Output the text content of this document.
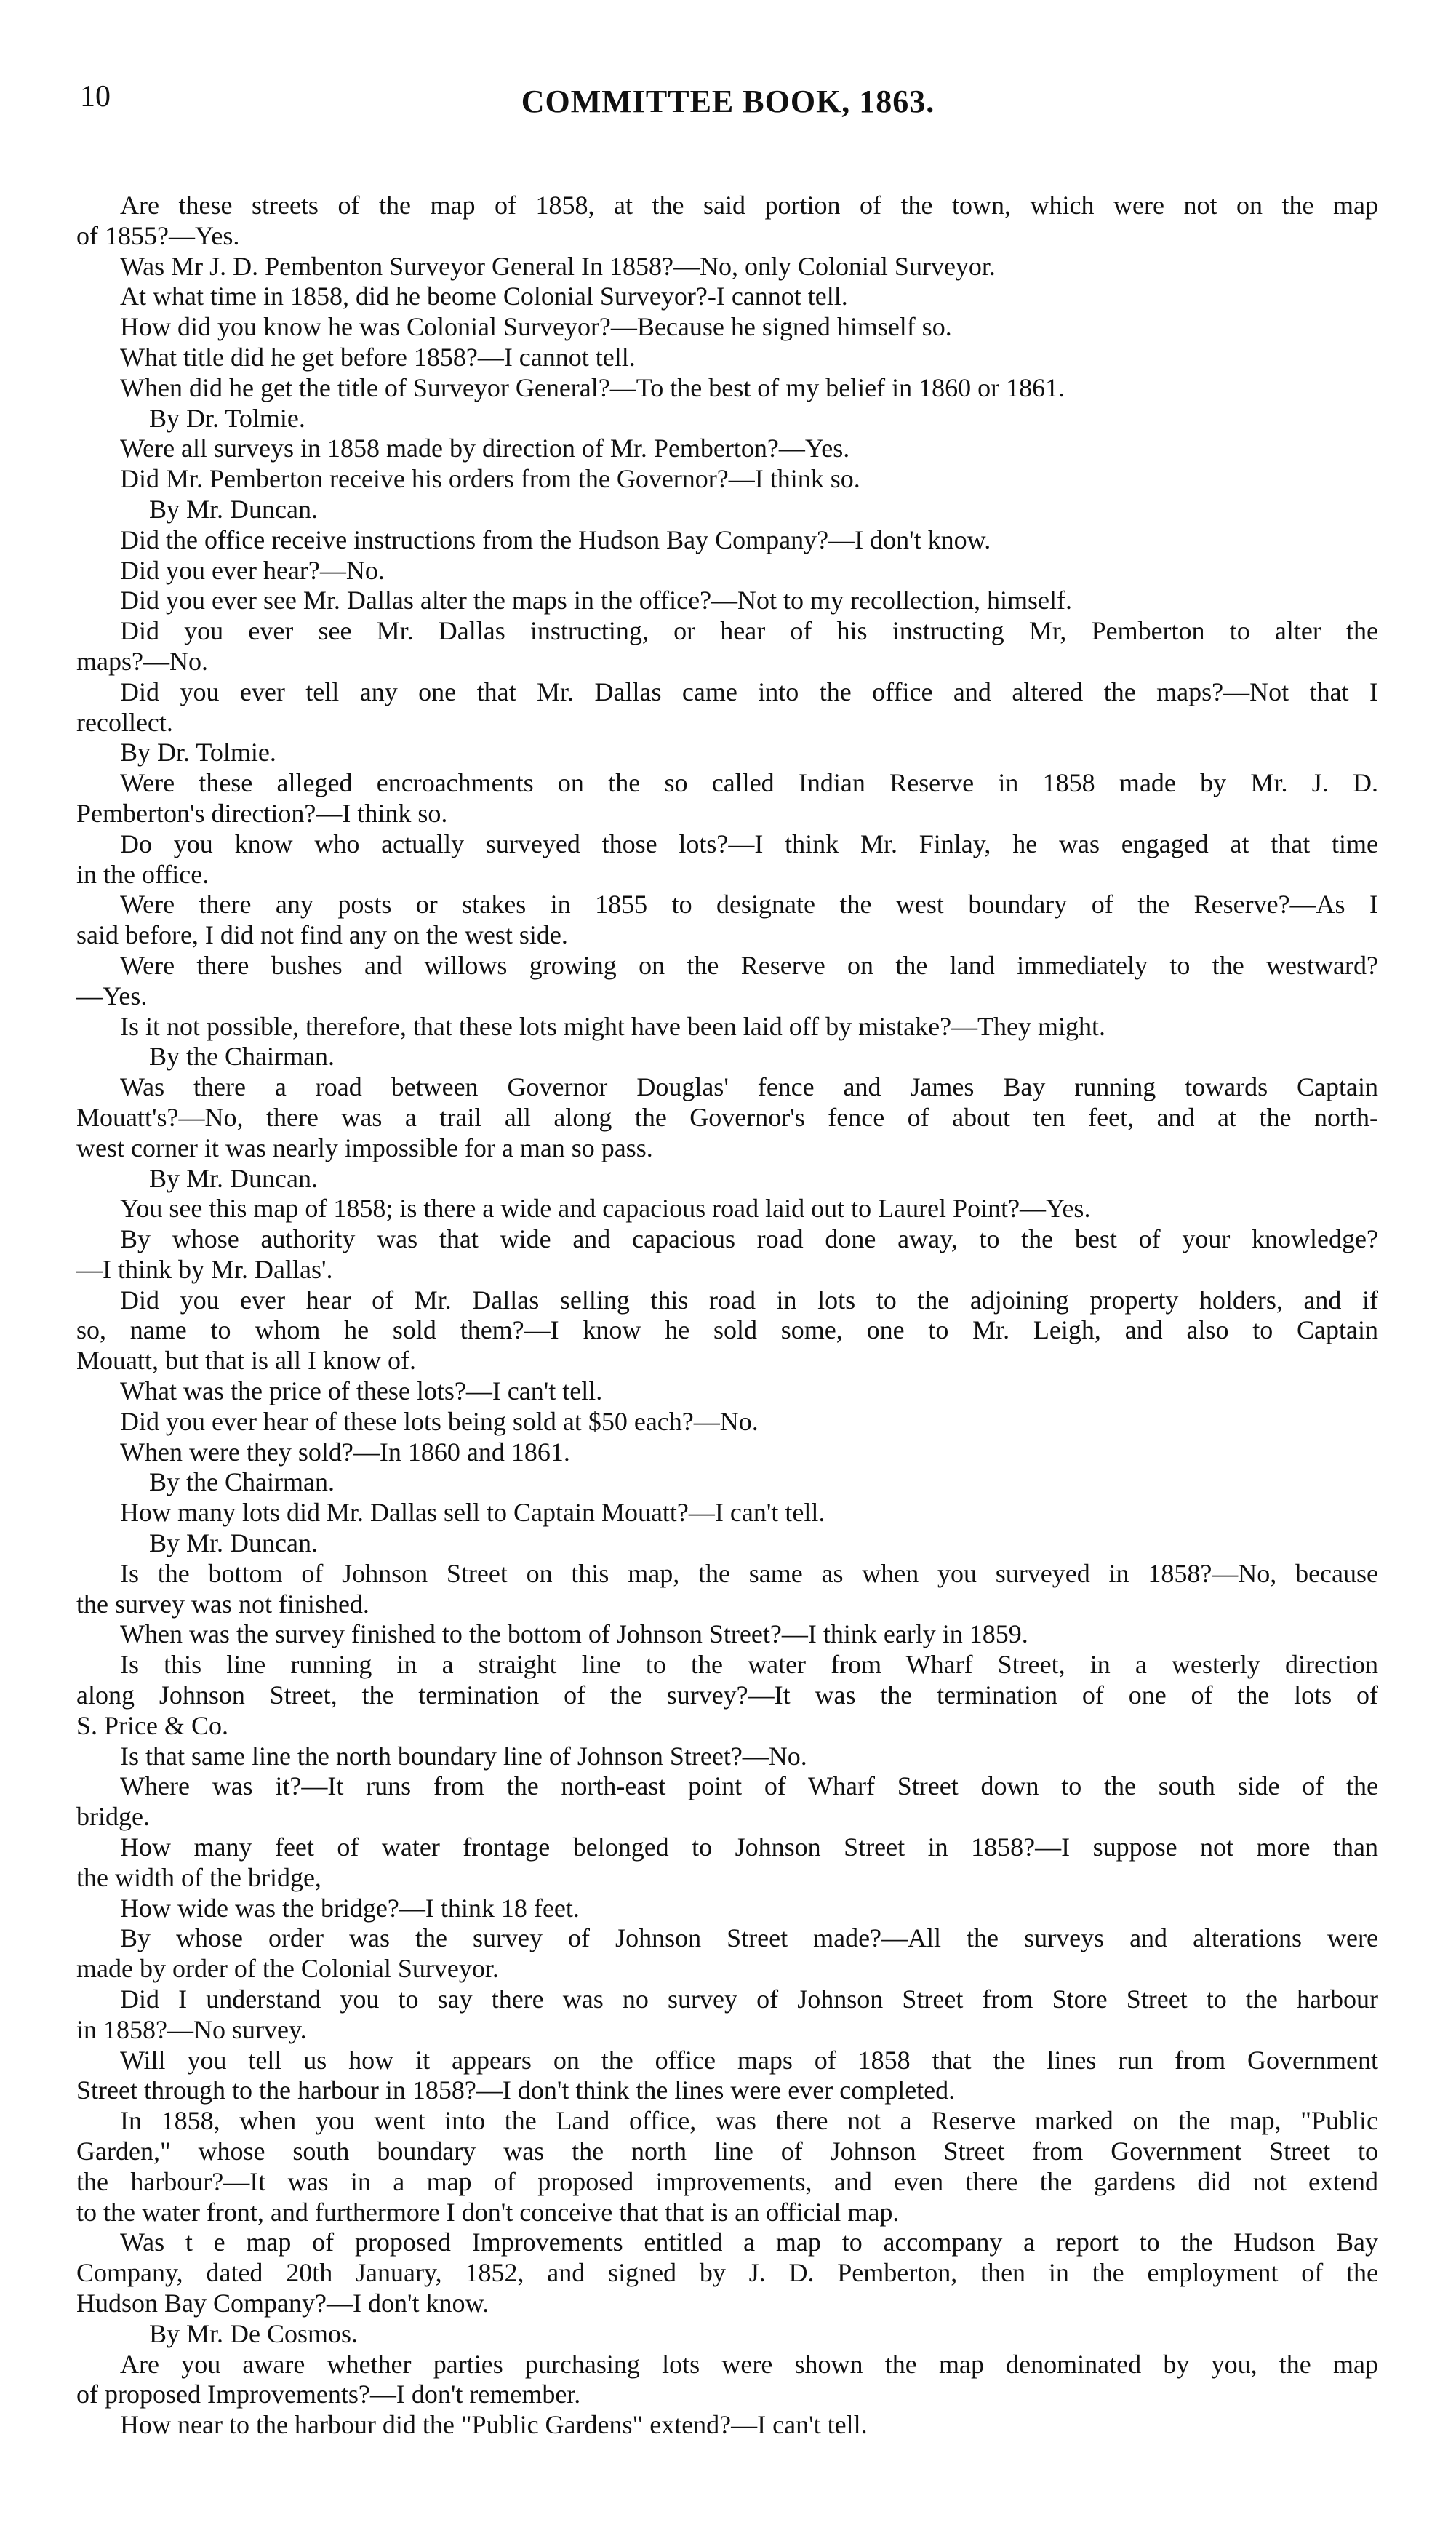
10	COMMITTEE BOOK, 1863.
Are these streets of the map of 1858, at the said portion of the town, which were not on the map
of 1855?—Yes.
Was Mr J. D. Pembenton Surveyor General In 1858?—No, only Colonial Surveyor.
At what time in 1858, did he beome Colonial Surveyor?-I cannot tell.
How did you know he was Colonial Surveyor?—Because he signed himself so.
What title did he get before 1858?—I cannot tell.
When did he get the title of Surveyor General?—To the best of my belief in 1860 or 1861.
By Dr. Tolmie.
Were all surveys in 1858 made by direction of Mr. Pemberton?—Yes.
Did Mr. Pemberton receive his orders from the Governor?—I think so.
By Mr. Duncan.
Did the office receive instructions from the Hudson Bay Company?—I don't know.
Did you ever hear?—No.
Did you ever see Mr. Dallas alter the maps in the office?—Not to my recollection, himself.
Did you ever see Mr. Dallas instructing, or hear of his instructing Mr, Pemberton to alter the
maps?—No.
Did you ever tell any one that Mr. Dallas came into the office and altered the maps?—Not that I
recollect.
By Dr. Tolmie.
Were these alleged encroachments on the so called Indian Reserve in 1858 made by Mr. J. D.
Pemberton's direction?—I think so.
Do you know who actually surveyed those lots?—I think Mr. Finlay, he was engaged at that time
in the office.
Were there any posts or stakes in 1855 to designate the west boundary of the Reserve?—As I
said before, I did not find any on the west side.
Were there bushes and willows growing on the Reserve on the land immediately to the westward?
—Yes.
Is it not possible, therefore, that these lots might have been laid off by mistake?—They might.
By the Chairman.
Was there a road between Governor Douglas' fence and James Bay running towards Captain
Mouatt's?—No, there was a trail all along the Governor's fence of about ten feet, and at the north-
west corner it was nearly impossible for a man so pass.
By Mr. Duncan.
You see this map of 1858; is there a wide and capacious road laid out to Laurel Point?—Yes.
By whose authority was that wide and capacious road done away, to the best of your knowledge?
—I think by Mr. Dallas'.
Did you ever hear of Mr. Dallas selling this road in lots to the adjoining property holders, and if
so, name to whom he sold them?—I know he sold some, one to Mr. Leigh, and also to Captain
Mouatt, but that is all I know of.
What was the price of these lots?—I can't tell.
Did you ever hear of these lots being sold at $50 each?—No.
When were they sold?—In 1860 and 1861.
By the Chairman.
How many lots did Mr. Dallas sell to Captain Mouatt?—I can't tell.
By Mr. Duncan.
Is the bottom of Johnson Street on this map, the same as when you surveyed in 1858?—No, because
the survey was not finished.
When was the survey finished to the bottom of Johnson Street?—I think early in 1859.
Is this line running in a straight line to the water from Wharf Street, in a westerly direction
along Johnson Street, the termination of the survey?—It was the termination of one of the lots of
S. Price & Co.
Is that same line the north boundary line of Johnson Street?—No.
Where was it?—It runs from the north-east point of Wharf Street down to the south side of the
bridge.
How many feet of water frontage belonged to Johnson Street in 1858?—I suppose not more than
the width of the bridge,
How wide was the bridge?—I think 18 feet.
By whose order was the survey of Johnson Street made?—All the surveys and alterations were
made by order of the Colonial Surveyor.
Did I understand you to say there was no survey of Johnson Street from Store Street to the harbour
in 1858?—No survey.
Will you tell us how it appears on the office maps of 1858 that the lines run from Government
Street through to the harbour in 1858?—I don't think the lines were ever completed.
In 1858, when you went into the Land office, was there not a Reserve marked on the map, "Public
Garden," whose south boundary was the north line of Johnson Street from Government Street to
the harbour?—It was in a map of proposed improvements, and even there the gardens did not extend
to the water front, and furthermore I don't conceive that that is an official map.
Was t e map of proposed Improvements entitled a map to accompany a report to the Hudson Bay
Company, dated 20th January, 1852, and signed by J. D. Pemberton, then in the employment of the
Hudson Bay Company?—I don't know.
By Mr. De Cosmos.
Are you aware whether parties purchasing lots were shown the map denominated by you, the map
of proposed Improvements?—I don't remember.
How near to the harbour did the "Public Gardens" extend?—I can't tell.
